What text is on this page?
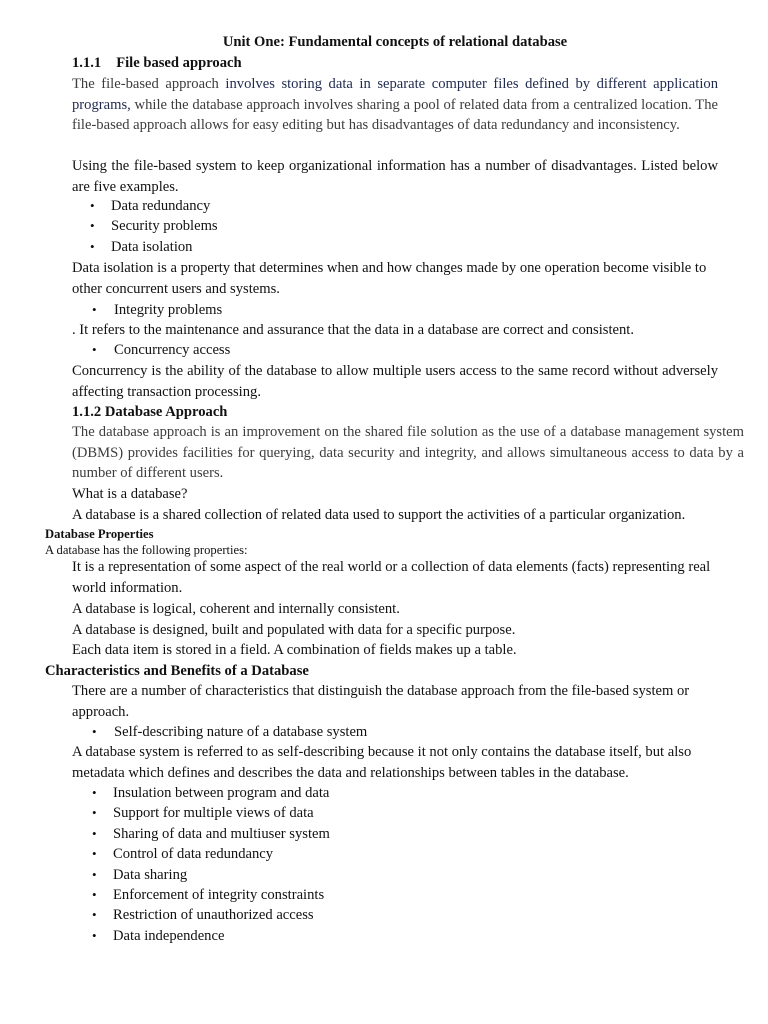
Unit One: Fundamental concepts of relational database

1.1.1 File based approach

The file-based approach involves storing data in separate computer files defined by different application programs, while the database approach involves sharing a pool of related data from a centralized location. The file-based approach allows for easy editing but has disadvantages of data redundancy and inconsistency.

Using the file-based system to keep organizational information has a number of disadvantages. Listed below are five examples.

•	Data redundancy
•	Security problems
•	Data isolation

Data isolation is a property that determines when and how changes made by one operation become visible to other concurrent users and systems.

•	Integrity problems

. It refers to the maintenance and assurance that the data in a database are correct and consistent.

•	Concurrency access

Concurrency is the ability of the database to allow multiple users access to the same record without adversely affecting transaction processing.

1.1.2 Database Approach

The database approach is an improvement on the shared file solution as the use of a database management system (DBMS) provides facilities for querying, data security and integrity, and allows simultaneous access to data by a number of different users.

What is a database?

A database is a shared collection of related data used to support the activities of a particular organization.

Database Properties

A database has the following properties:

It is a representation of some aspect of the real world or a collection of data elements (facts) representing real world information.

A database is logical, coherent and internally consistent.

A database is designed, built and populated with data for a specific purpose.

Each data item is stored in a field. A combination of fields makes up a table.

Characteristics and Benefits of a Database

There are a number of characteristics that distinguish the database approach from the file-based system or approach.

•	Self-describing nature of a database system

A database system is referred to as self-describing because it not only contains the database itself, but also metadata which defines and describes the data and relationships between tables in the database.

•	Insulation between program and data
•	Support for multiple views of data
•	Sharing of data and multiuser system
•	Control of data redundancy
•	Data sharing
•	Enforcement of integrity constraints
•	Restriction of unauthorized access
•	Data independence
